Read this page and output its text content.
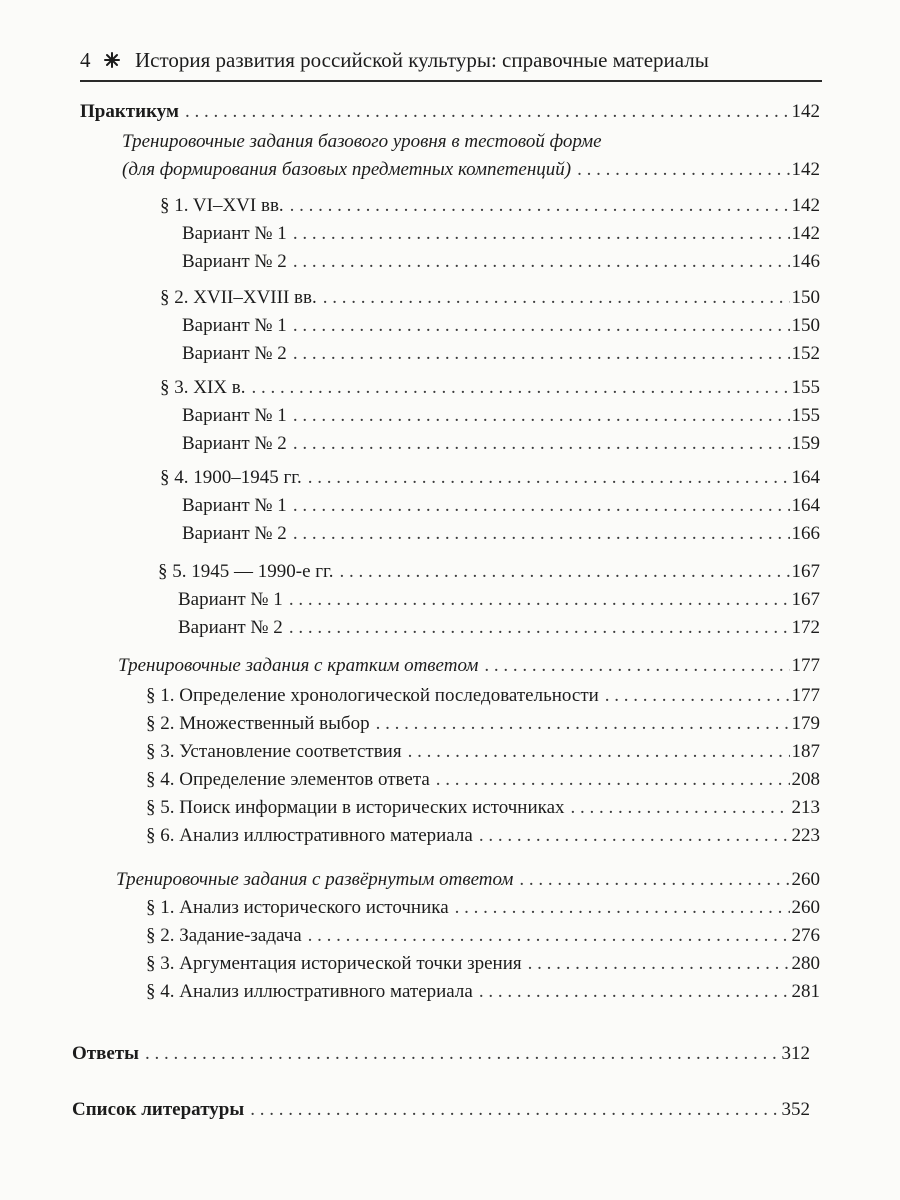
4 История развития российской культуры: справочные материалы
Практикум . . .	142
Тренировочные задания базового уровня в тестовой форме
(для формирования базовых предметных компетенций) . . .	142
§ 1. VI–XVI вв. . . .	142
Вариант № 1 . . .	142
Вариант № 2 . . .	146
§ 2. XVII–XVIII вв. . . .	150
Вариант № 1 . . .	150
Вариант № 2 . . .	152
§ 3. XIX в. . . .	155
Вариант № 1 . . .	155
Вариант № 2 . . .	159
§ 4. 1900–1945 гг. . . .	164
Вариант № 1 . . .	164
Вариант № 2 . . .	166
§ 5. 1945 — 1990-е гг. . . .	167
Вариант № 1 . . .	167
Вариант № 2 . . .	172
Тренировочные задания с кратким ответом . . .	177
§ 1. Определение хронологической последовательности . . .	177
§ 2. Множественный выбор . . .	179
§ 3. Установление соответствия . . .	187
§ 4. Определение элементов ответа . . .	208
§ 5. Поиск информации в исторических источниках . . .	213
§ 6. Анализ иллюстративного материала . . .	223
Тренировочные задания с развёрнутым ответом . . .	260
§ 1. Анализ исторического источника . . .	260
§ 2. Задание-задача . . .	276
§ 3. Аргументация исторической точки зрения . . .	280
§ 4. Анализ иллюстративного материала . . .	281
Ответы . . .	312
Список литературы . . .	352
